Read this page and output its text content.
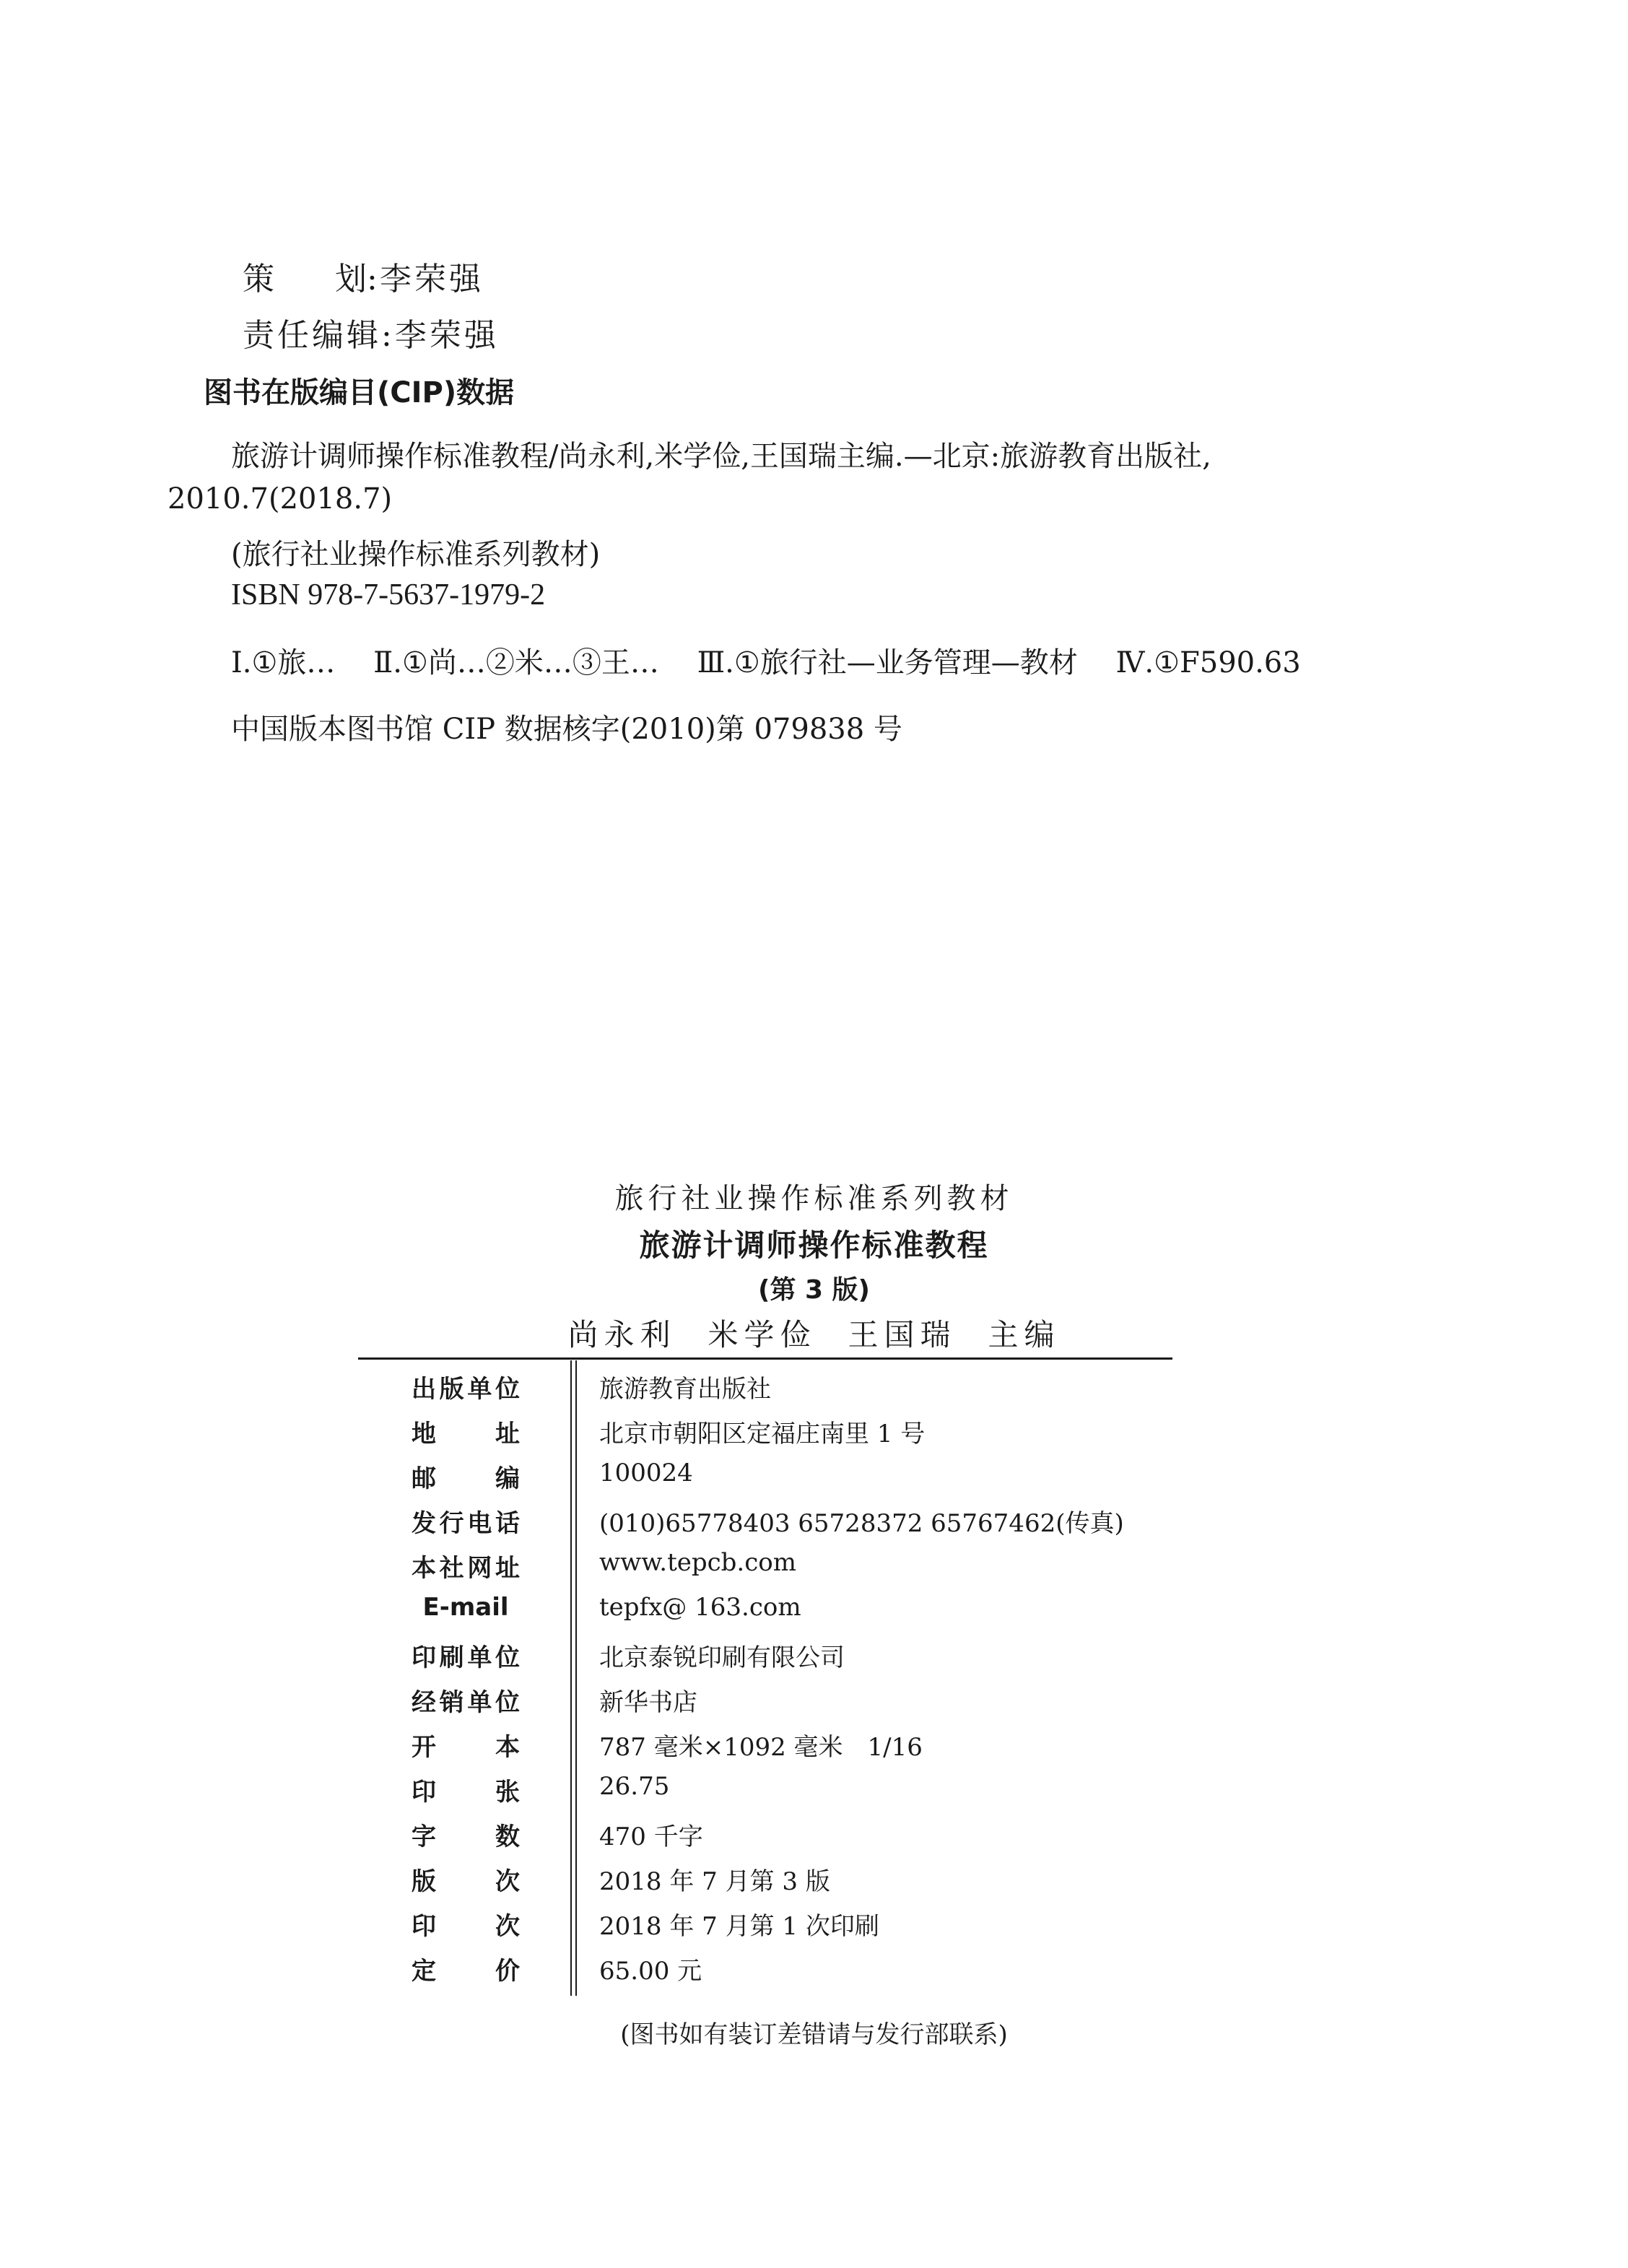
策 划:李荣强
责任编辑:李荣强
图书在版编目(CIP)数据
旅游计调师操作标准教程/尚永利,米学俭,王国瑞主编.—北京:旅游教育出版社,
2010.7(2018.7)
(旅行社业操作标准系列教材)
ISBN 978-7-5637-1979-2
Ⅰ.①旅… Ⅱ.①尚…②米…③王… Ⅲ.①旅行社—业务管理—教材 Ⅳ.①F590.63
中国版本图书馆 CIP 数据核字(2010)第 079838 号
旅行社业操作标准系列教材
旅游计调师操作标准教程
(第 3 版)
尚永利 米学俭 王国瑞 主编
出版单位	旅游教育出版社
地　　址	北京市朝阳区定福庄南里 1 号
邮　　编	100024
发行电话	(010)65778403 65728372 65767462(传真)
本社网址	www.tepcb.com
E-mail	tepfx@ 163.com
印刷单位	北京泰锐印刷有限公司
经销单位	新华书店
开　　本	787 毫米×1092 毫米　1/16
印　　张	26.75
字　　数	470 千字
版　　次	2018 年 7 月第 3 版
印　　次	2018 年 7 月第 1 次印刷
定　　价	65.00 元
(图书如有装订差错请与发行部联系)
